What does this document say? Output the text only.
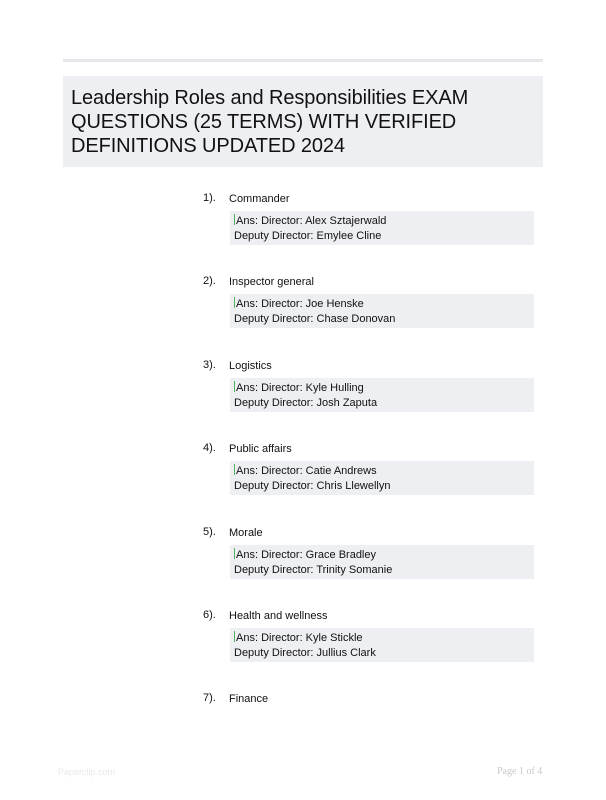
Leadership Roles and Responsibilities EXAM QUESTIONS (25 TERMS) WITH VERIFIED DEFINITIONS UPDATED 2024
1). Commander
Ans: Director: Alex Sztajerwald
Deputy Director: Emylee Cline
2). Inspector general
Ans: Director: Joe Henske
Deputy Director: Chase Donovan
3). Logistics
Ans: Director: Kyle Hulling
Deputy Director: Josh Zaputa
4). Public affairs
Ans: Director: Catie Andrews
Deputy Director: Chris Llewellyn
5). Morale
Ans: Director: Grace Bradley
Deputy Director: Trinity Somanie
6). Health and wellness
Ans: Director: Kyle Stickle
Deputy Director: Jullius Clark
7). Finance
Paperclip.com	Page 1 of 4
